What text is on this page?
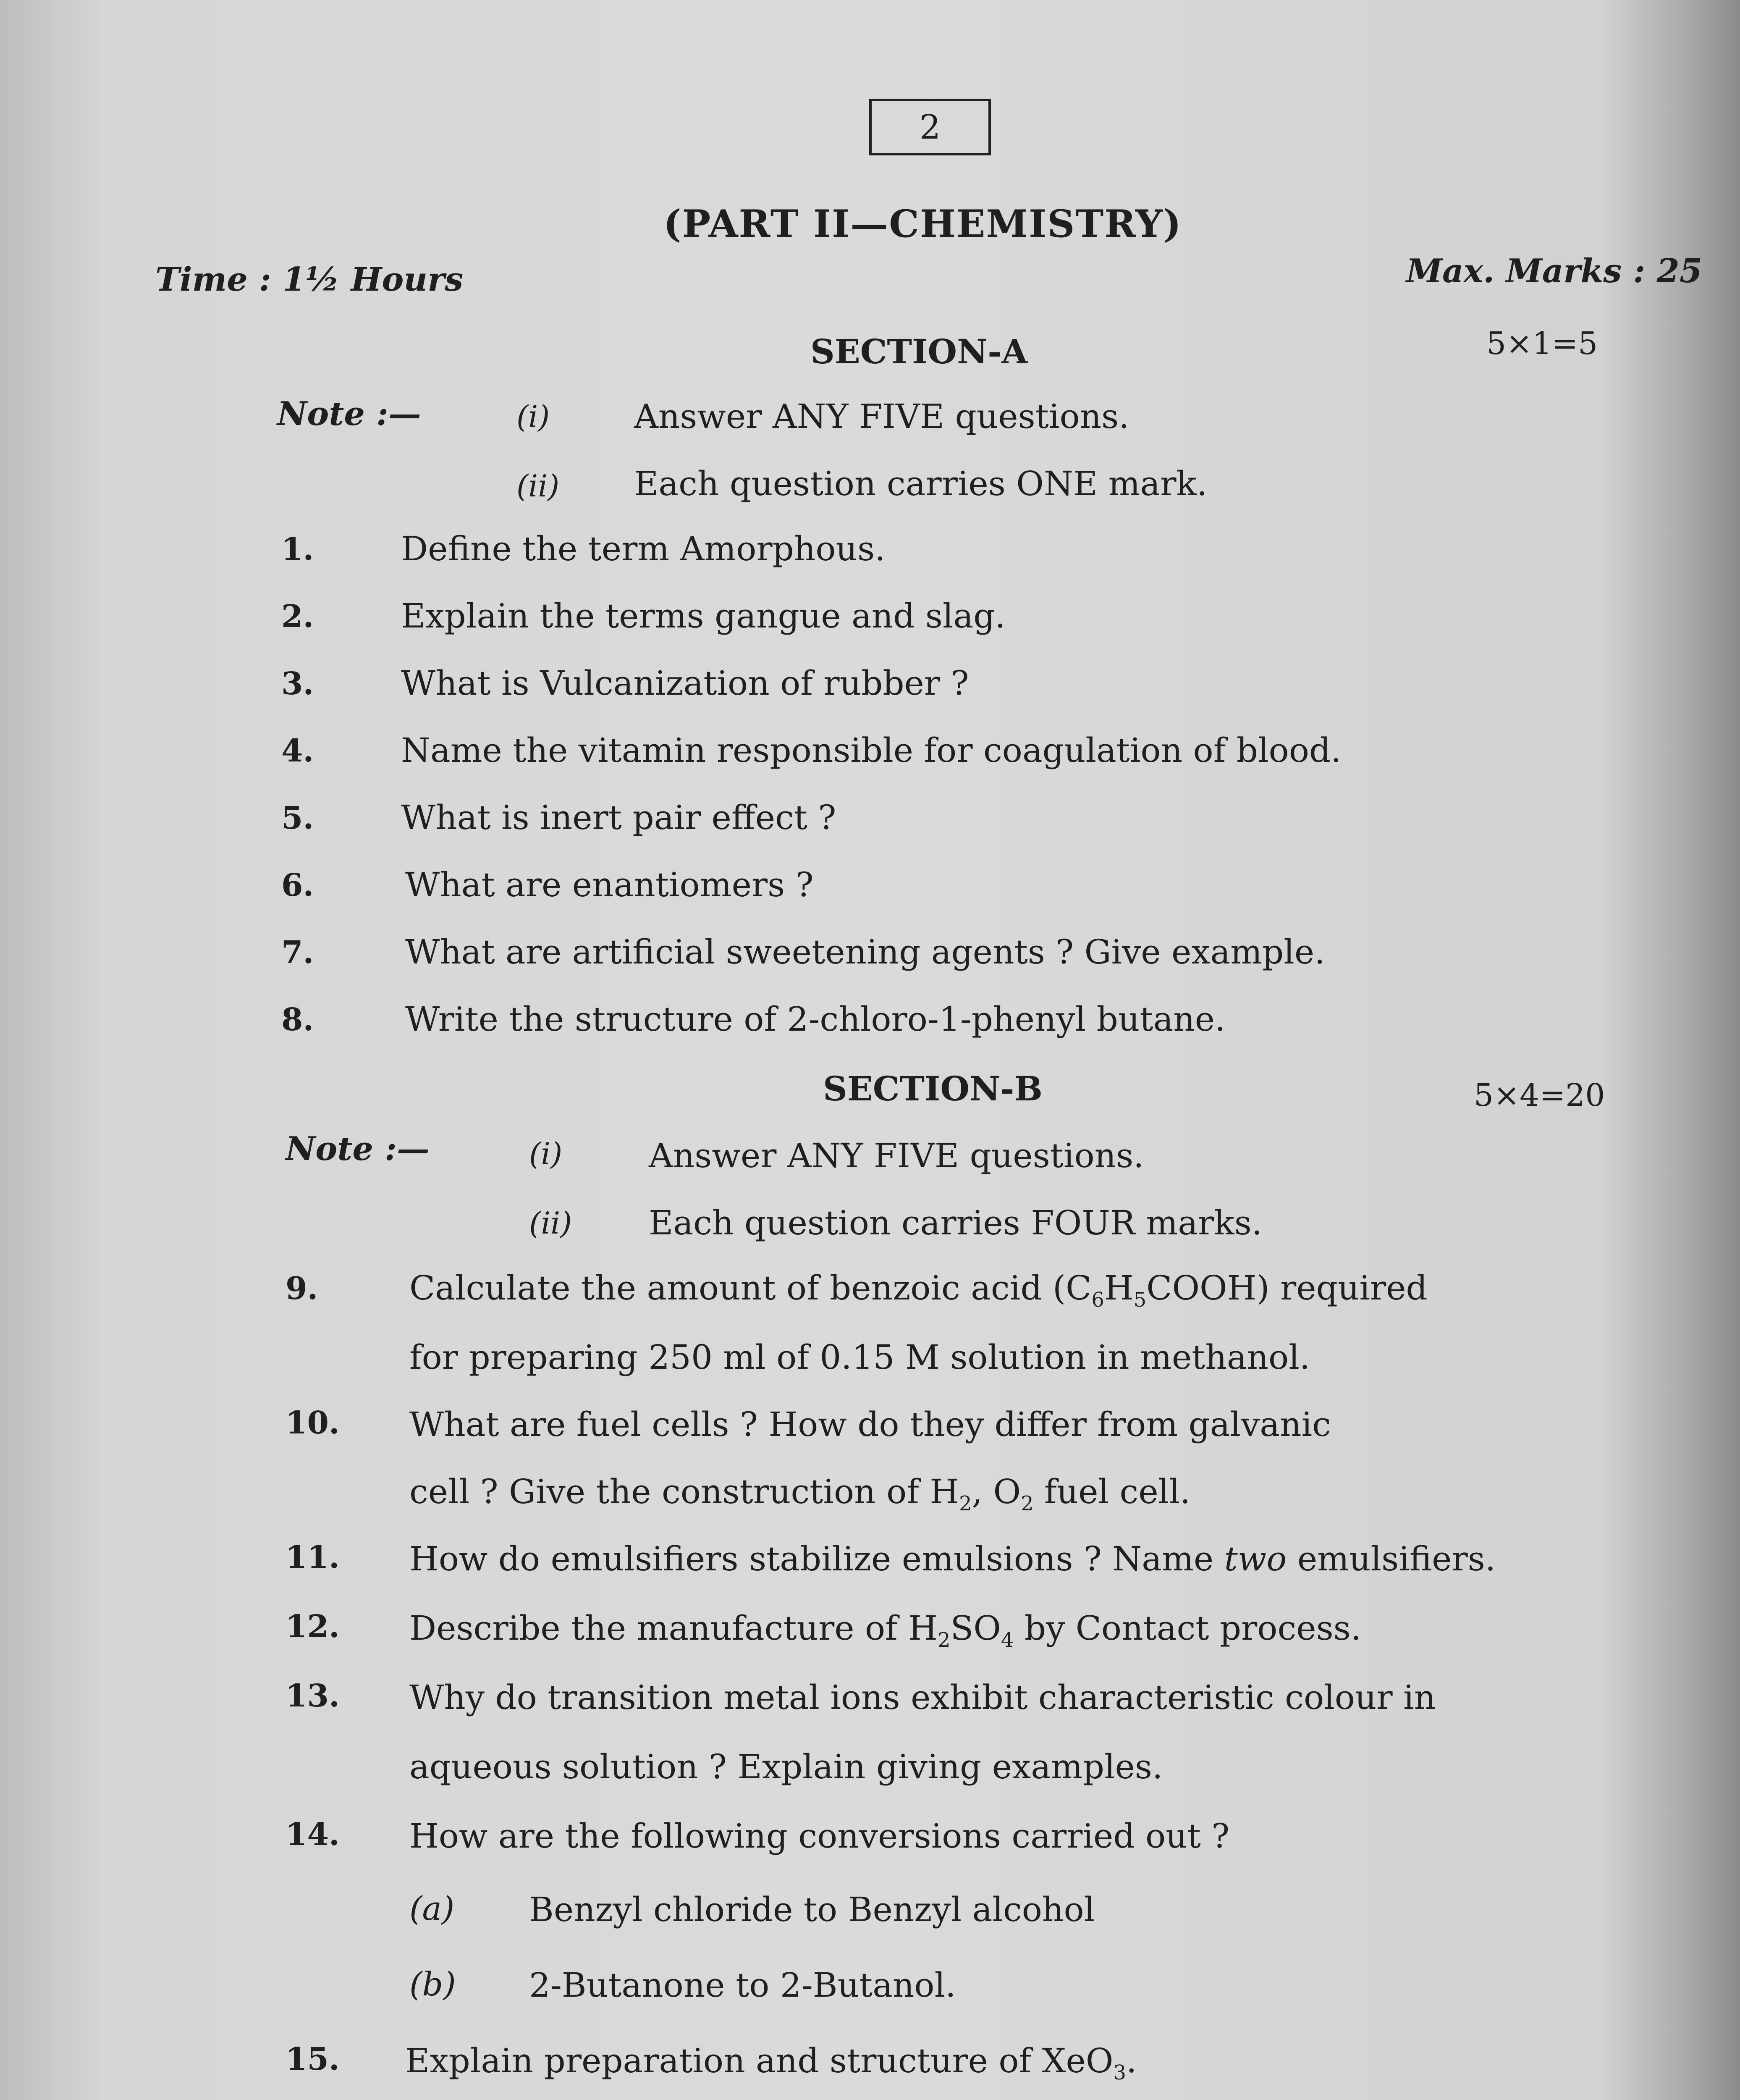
2
(PART II—CHEMISTRY)
Time : 1½ Hours	Max. Marks : 25
SECTION-A	5×1=5
Note :—	(i)	Answer ANY FIVE questions.
(ii) Each question carries ONE mark.
1.	Define the term Amorphous.
2.	Explain the terms gangue and slag.
3.	What is Vulcanization of rubber ?
4.	Name the vitamin responsible for coagulation of blood.
5.	What is inert pair effect ?
6.	What are enantiomers ?
7.	What are artificial sweetening agents ? Give example.
8.	Write the structure of 2-chloro-1-phenyl butane.
SECTION-B	5×4=20
Note :—	(i)	Answer ANY FIVE questions.
(ii) Each question carries FOUR marks.
9.	Calculate the amount of benzoic acid $(C_6H_5COOH)$ required
for preparing 250 ml of 0.15 M solution in methanol.
10. What are fuel cells ? How do they differ from galvanic
cell ? Give the construction of $H_2$, $O_2$ fuel cell.
11. How do emulsifiers stabilize emulsions ? Name two emulsifiers.
12. Describe the manufacture of $H_2SO_4$ by Contact process.
13. Why do transition metal ions exhibit characteristic colour in
aqueous solution ? Explain giving examples.
14. How are the following conversions carried out ?
(a) Benzyl chloride to Benzyl alcohol
(b) 2-Butanone to 2-Butanol.
15. Explain preparation and structure of XeO$_3$.
